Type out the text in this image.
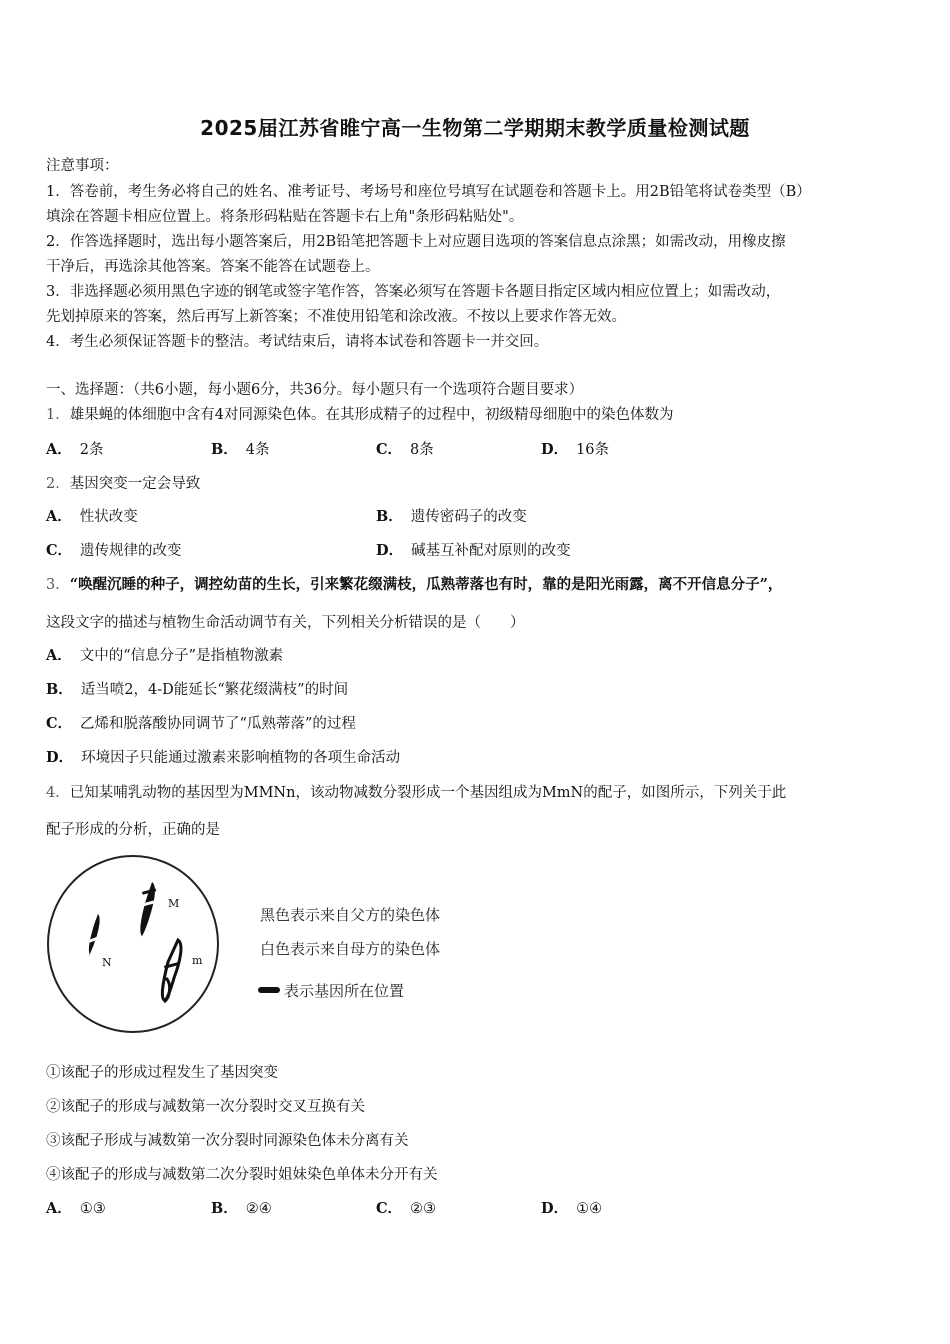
2025届江苏省睢宁高一生物第二学期期末教学质量检测试题
注意事项：
1．答卷前，考生务必将自己的姓名、准考证号、考场号和座位号填写在试题卷和答题卡上。用2B铅笔将试卷类型（B）
填涂在答题卡相应位置上。将条形码粘贴在答题卡右上角"条形码粘贴处"。
2．作答选择题时，选出每小题答案后，用2B铅笔把答题卡上对应题目选项的答案信息点涂黑；如需改动，用橡皮擦
干净后，再选涂其他答案。答案不能答在试题卷上。
3．非选择题必须用黑色字迹的钢笔或签字笔作答，答案必须写在答题卡各题目指定区域内相应位置上；如需改动，
先划掉原来的答案，然后再写上新答案；不准使用铅笔和涂改液。不按以上要求作答无效。
4．考生必须保证答题卡的整洁。考试结束后，请将本试卷和答题卡一并交回。
一、选择题：（共6小题，每小题6分，共36分。每小题只有一个选项符合题目要求）
1．雄果蝇的体细胞中含有4对同源染色体。在其形成精子的过程中，初级精母细胞中的染色体数为
A． 2条	B． 4条	C． 8条	D． 16条
2．基因突变一定会导致
A． 性状改变	B． 遗传密码子的改变
C． 遗传规律的改变	D． 碱基互补配对原则的改变
3．“唤醒沉睡的种子，调控幼苗的生长，引来繁花缀满枝，瓜熟蒂落也有时，靠的是阳光雨露，离不开信息分子”，
这段文字的描述与植物生命活动调节有关，下列相关分析错误的是（　　）
A． 文中的“信息分子”是指植物激素
B． 适当喷2，4-D能延长“繁花缀满枝”的时间
C． 乙烯和脱落酸协同调节了“瓜熟蒂落”的过程
D． 环境因子只能通过激素来影响植物的各项生命活动
4．已知某哺乳动物的基因型为MMNn，该动物减数分裂形成一个基因组成为MmN的配子，如图所示，下列关于此
配子形成的分析，正确的是
M
N	m
黑色表示来自父方的染色体
白色表示来自母方的染色体
表示基因所在位置
①该配子的形成过程发生了基因突变
②该配子的形成与减数第一次分裂时交叉互换有关
③该配子形成与减数第一次分裂时同源染色体未分离有关
④该配子的形成与减数第二次分裂时姐妹染色单体未分开有关
A． ①③	B． ②④	C． ②③	D． ①④
